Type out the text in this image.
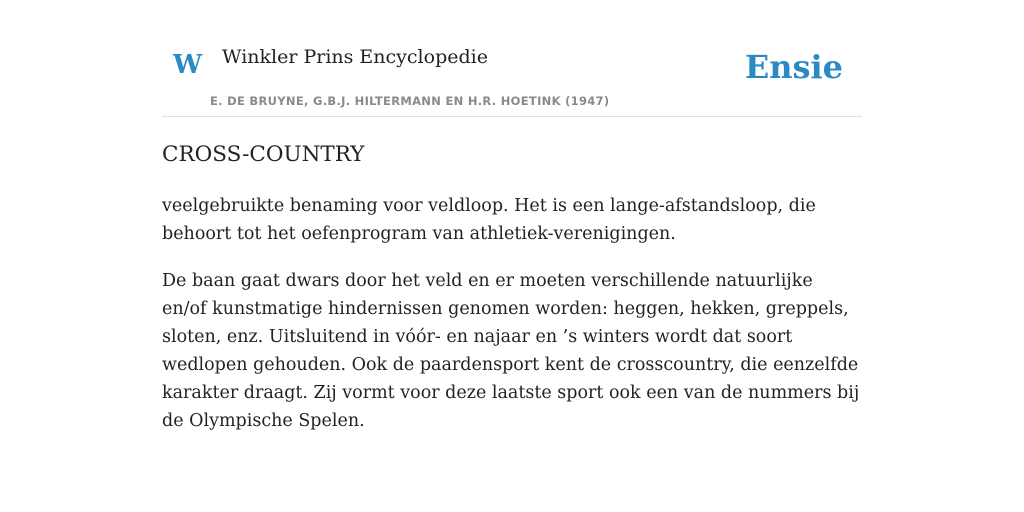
W Winkler Prins Encyclopedie
E. DE BRUYNE, G.B.J. HILTERMANN EN H.R. HOETINK (1947)
Ensie
CROSS-COUNTRY

veelgebruikte benaming voor veldloop. Het is een lange-afstandsloop, die behoort tot het oefenprogram van athletiek-verenigingen.

De baan gaat dwars door het veld en er moeten verschillende natuurlijke en/of kunstmatige hindernissen genomen worden: heggen, hekken, greppels, sloten, enz. Uitsluitend in vóór- en najaar en ’s winters wordt dat soort wedlopen gehouden. Ook de paardensport kent de crosscountry, die eenzelfde karakter draagt. Zij vormt voor deze laatste sport ook een van de nummers bij de Olympische Spelen.
